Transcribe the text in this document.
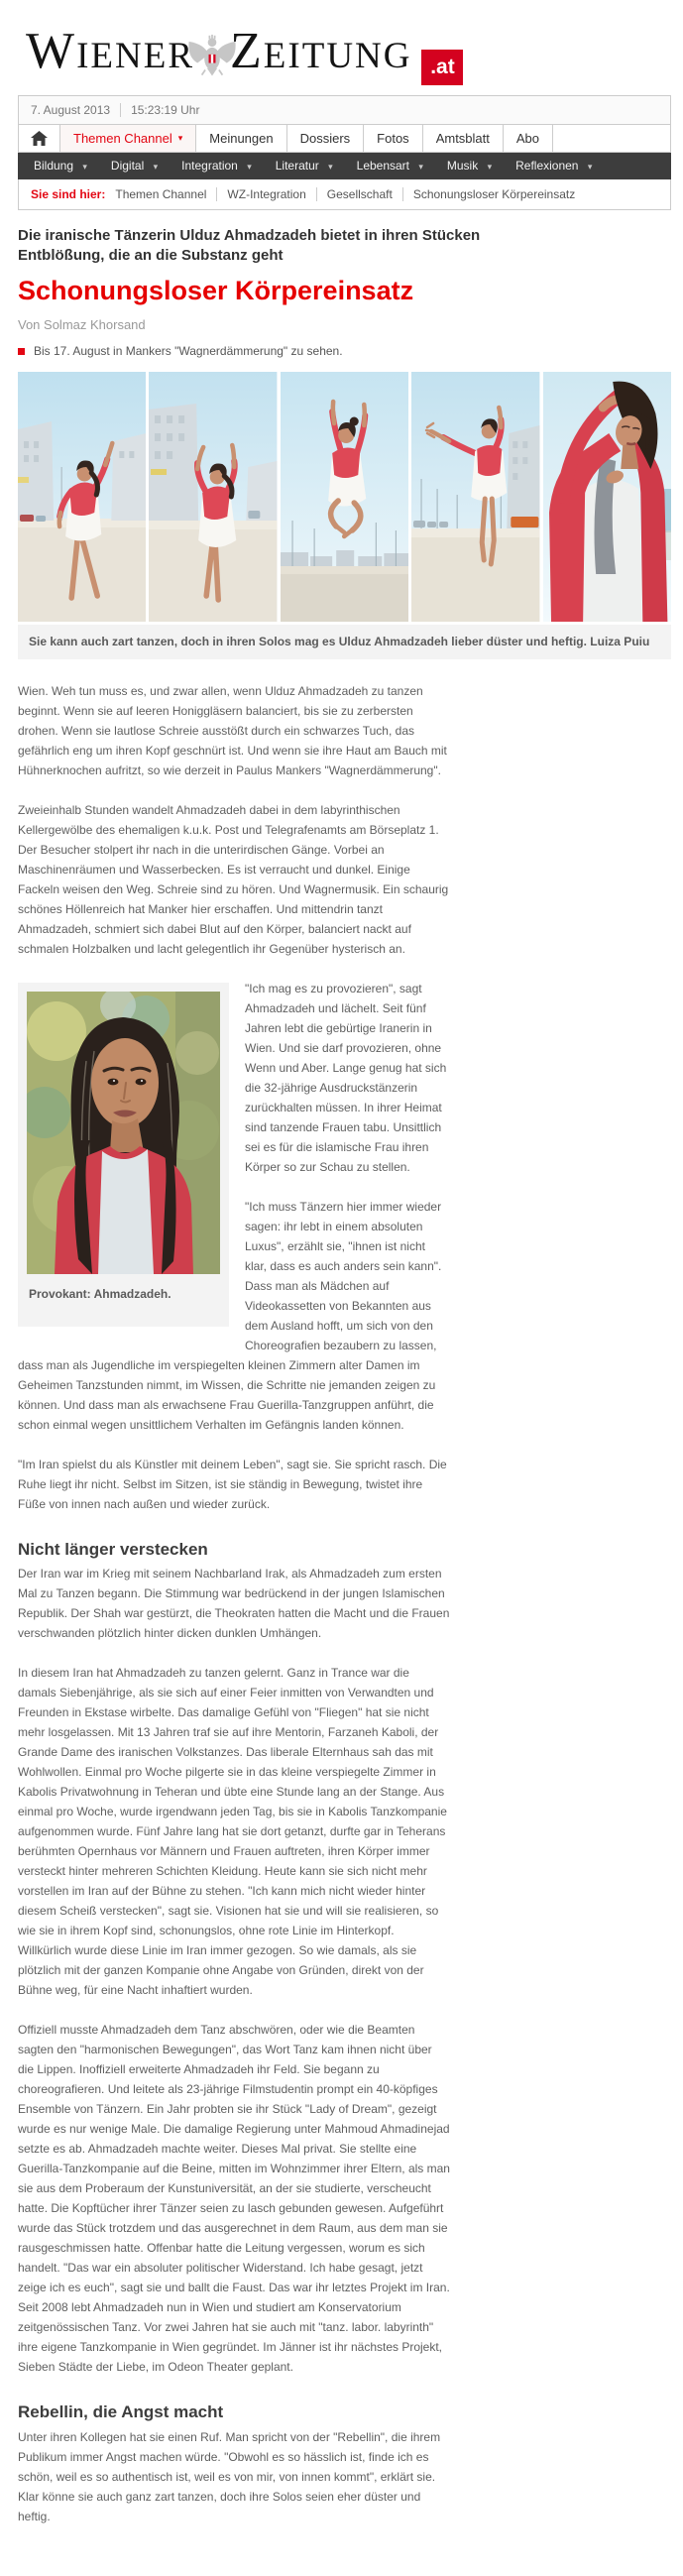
WIENER ZEITUNG .at
7. August 2013	15:23:19 Uhr
Themen Channel ▾ Meinungen Dossiers Fotos Amtsblatt Abo
Bildung ▾	Digital ▾	Integration ▾	Literatur ▾	Lebensart ▾	Musik ▾	Reflexionen ▾
Sie sind hier: Themen Channel WZ-Integration Gesellschaft Schonungsloser Körpereinsatz
Die iranische Tänzerin Ulduz Ahmadzadeh bietet in ihren Stücken Entblößung, die an die Substanz geht
Schonungsloser Körpereinsatz
Von Solmaz Khorsand
Bis 17. August in Mankers "Wagnerdämmerung" zu sehen.
Sie kann auch zart tanzen, doch in ihren Solos mag es Ulduz Ahmadzadeh lieber düster und heftig. Luiza Puiu

Wien. Weh tun muss es, und zwar allen, wenn Ulduz Ahmadzadeh zu tanzen beginnt. Wenn sie auf leeren Honiggläsern balanciert, bis sie zu zerbersten drohen. Wenn sie lautlose Schreie ausstößt durch ein schwarzes Tuch, das gefährlich eng um ihren Kopf geschnürt ist. Und wenn sie ihre Haut am Bauch mit Hühnerknochen aufritzt, so wie derzeit in Paulus Mankers "Wagnerdämmerung".

Zweieinhalb Stunden wandelt Ahmadzadeh dabei in dem labyrinthischen Kellergewölbe des ehemaligen k.u.k. Post und Telegrafenamts am Börseplatz 1. Der Besucher stolpert ihr nach in die unterirdischen Gänge. Vorbei an Maschinenräumen und Wasserbecken. Es ist verraucht und dunkel. Einige Fackeln weisen den Weg. Schreie sind zu hören. Und Wagnermusik. Ein schaurig schönes Höllenreich hat Manker hier erschaffen. Und mittendrin tanzt Ahmadzadeh, schmiert sich dabei Blut auf den Körper, balanciert nackt auf schmalen Holzbalken und lacht gelegentlich ihr Gegenüber hysterisch an.

Provokant: Ahmadzadeh.

"Ich mag es zu provozieren", sagt Ahmadzadeh und lächelt. Seit fünf Jahren lebt die gebürtige Iranerin in Wien. Und sie darf provozieren, ohne Wenn und Aber. Lange genug hat sich die 32-jährige Ausdruckstänzerin zurückhalten müssen. In ihrer Heimat sind tanzende Frauen tabu. Unsittlich sei es für die islamische Frau ihren Körper so zur Schau zu stellen.

"Ich muss Tänzern hier immer wieder sagen: ihr lebt in einem absoluten Luxus", erzählt sie, "ihnen ist nicht klar, dass es auch anders sein kann". Dass man als Mädchen auf Videokassetten von Bekannten aus dem Ausland hofft, um sich von den Choreografien bezaubern zu lassen, dass man als Jugendliche im verspiegelten kleinen Zimmern alter Damen im Geheimen Tanzstunden nimmt, im Wissen, die Schritte nie jemanden zeigen zu können. Und dass man als erwachsene Frau Guerilla-Tanzgruppen anführt, die schon einmal wegen unsittlichem Verhalten im Gefängnis landen können.

"Im Iran spielst du als Künstler mit deinem Leben", sagt sie. Sie spricht rasch. Die Ruhe liegt ihr nicht. Selbst im Sitzen, ist sie ständig in Bewegung, twistet ihre Füße von innen nach außen und wieder zurück.

Nicht länger verstecken

Der Iran war im Krieg mit seinem Nachbarland Irak, als Ahmadzadeh zum ersten Mal zu Tanzen begann. Die Stimmung war bedrückend in der jungen Islamischen Republik. Der Shah war gestürzt, die Theokraten hatten die Macht und die Frauen verschwanden plötzlich hinter dicken dunklen Umhängen.

In diesem Iran hat Ahmadzadeh zu tanzen gelernt. Ganz in Trance war die damals Siebenjährige, als sie sich auf einer Feier inmitten von Verwandten und Freunden in Ekstase wirbelte. Das damalige Gefühl von "Fliegen" hat sie nicht mehr losgelassen. Mit 13 Jahren traf sie auf ihre Mentorin, Farzaneh Kaboli, der Grande Dame des iranischen Volkstanzes. Das liberale Elternhaus sah das mit Wohlwollen. Einmal pro Woche pilgerte sie in das kleine verspiegelte Zimmer in Kabolis Privatwohnung in Teheran und übte eine Stunde lang an der Stange. Aus einmal pro Woche, wurde irgendwann jeden Tag, bis sie in Kabolis Tanzkompanie aufgenommen wurde. Fünf Jahre lang hat sie dort getanzt, durfte gar in Teherans berühmten Opernhaus vor Männern und Frauen auftreten, ihren Körper immer versteckt hinter mehreren Schichten Kleidung. Heute kann sie sich nicht mehr vorstellen im Iran auf der Bühne zu stehen. "Ich kann mich nicht wieder hinter diesem Scheiß verstecken", sagt sie. Visionen hat sie und will sie realisieren, so wie sie in ihrem Kopf sind, schonungslos, ohne rote Linie im Hinterkopf. Willkürlich wurde diese Linie im Iran immer gezogen. So wie damals, als sie plötzlich mit der ganzen Kompanie ohne Angabe von Gründen, direkt von der Bühne weg, für eine Nacht inhaftiert wurden.

Offiziell musste Ahmadzadeh dem Tanz abschwören, oder wie die Beamten sagten den "harmonischen Bewegungen", das Wort Tanz kam ihnen nicht über die Lippen. Inoffiziell erweiterte Ahmadzadeh ihr Feld. Sie begann zu choreografieren. Und leitete als 23-jährige Filmstudentin prompt ein 40-köpfiges Ensemble von Tänzern. Ein Jahr probten sie ihr Stück "Lady of Dream", gezeigt wurde es nur wenige Male. Die damalige Regierung unter Mahmoud Ahmadinejad setzte es ab. Ahmadzadeh machte weiter. Dieses Mal privat. Sie stellte eine Guerilla-Tanzkompanie auf die Beine, mitten im Wohnzimmer ihrer Eltern, als man sie aus dem Proberaum der Kunstuniversität, an der sie studierte, verscheucht hatte. Die Kopftücher ihrer Tänzer seien zu lasch gebunden gewesen. Aufgeführt wurde das Stück trotzdem und das ausgerechnet in dem Raum, aus dem man sie rausgeschmissen hatte. Offenbar hatte die Leitung vergessen, worum es sich handelt. "Das war ein absoluter politischer Widerstand. Ich habe gesagt, jetzt zeige ich es euch", sagt sie und ballt die Faust. Das war ihr letztes Projekt im Iran. Seit 2008 lebt Ahmadzadeh nun in Wien und studiert am Konservatorium zeitgenössischen Tanz. Vor zwei Jahren hat sie auch mit "tanz. labor. labyrinth" ihre eigene Tanzkompanie in Wien gegründet. Im Jänner ist ihr nächstes Projekt, Sieben Städte der Liebe, im Odeon Theater geplant.

Rebellin, die Angst macht

Unter ihren Kollegen hat sie einen Ruf. Man spricht von der "Rebellin", die ihrem Publikum immer Angst machen würde. "Obwohl es so hässlich ist, finde ich es schön, weil es so authentisch ist, weil es von mir, von innen kommt", erklärt sie. Klar könne sie auch ganz zart tanzen, doch ihre Solos seien eher düster und heftig.
